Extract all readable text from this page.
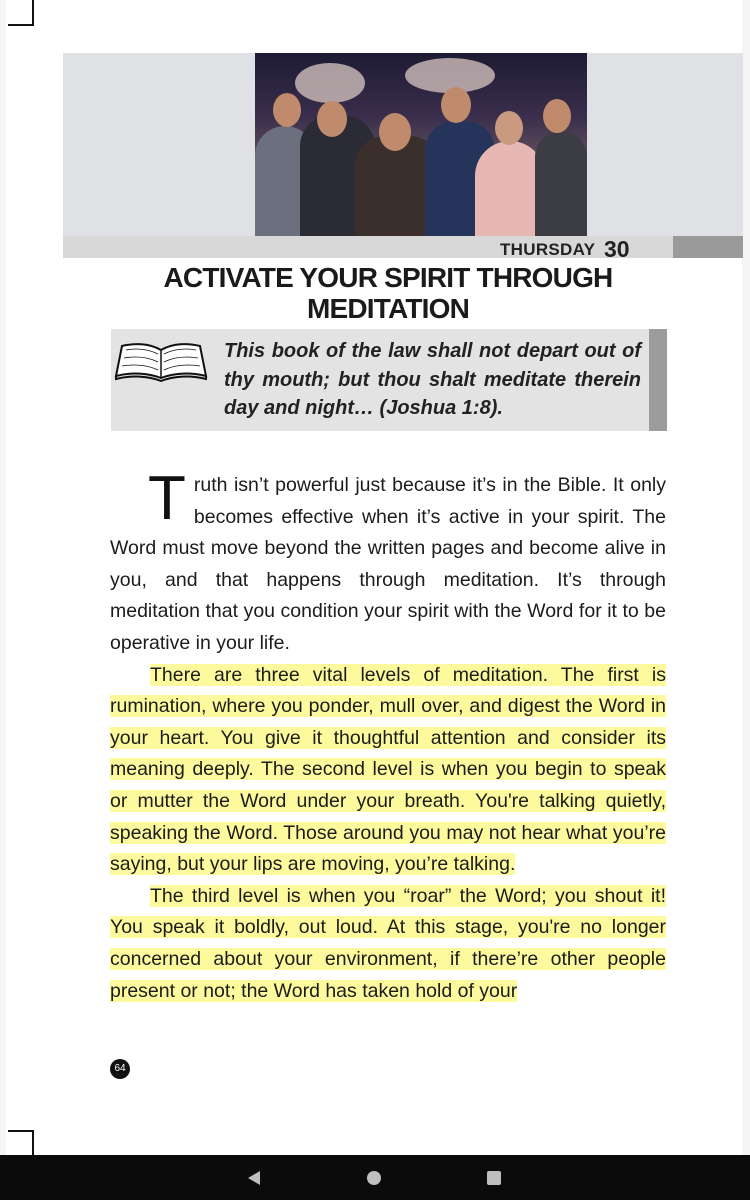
THURSDAY 30
ACTIVATE YOUR SPIRIT THROUGH MEDITATION
This book of the law shall not depart out of thy mouth; but thou shalt meditate therein day and night… (Joshua 1:8).

Truth isn’t powerful just because it’s in the Bible. It only becomes effective when it’s active in your spirit. The Word must move beyond the written pages and become alive in you, and that happens through meditation. It’s through meditation that you condition your spirit with the Word for it to be operative in your life.

There are three vital levels of meditation. The first is rumination, where you ponder, mull over, and digest the Word in your heart. You give it thoughtful attention and consider its meaning deeply. The second level is when you begin to speak or mutter the Word under your breath. You're talking quietly, speaking the Word. Those around you may not hear what you’re saying, but your lips are moving, you’re talking.

The third level is when you “roar” the Word; you shout it! You speak it boldly, out loud. At this stage, you're no longer concerned about your environment, if there’re other people present or not; the Word has taken hold of your

64
